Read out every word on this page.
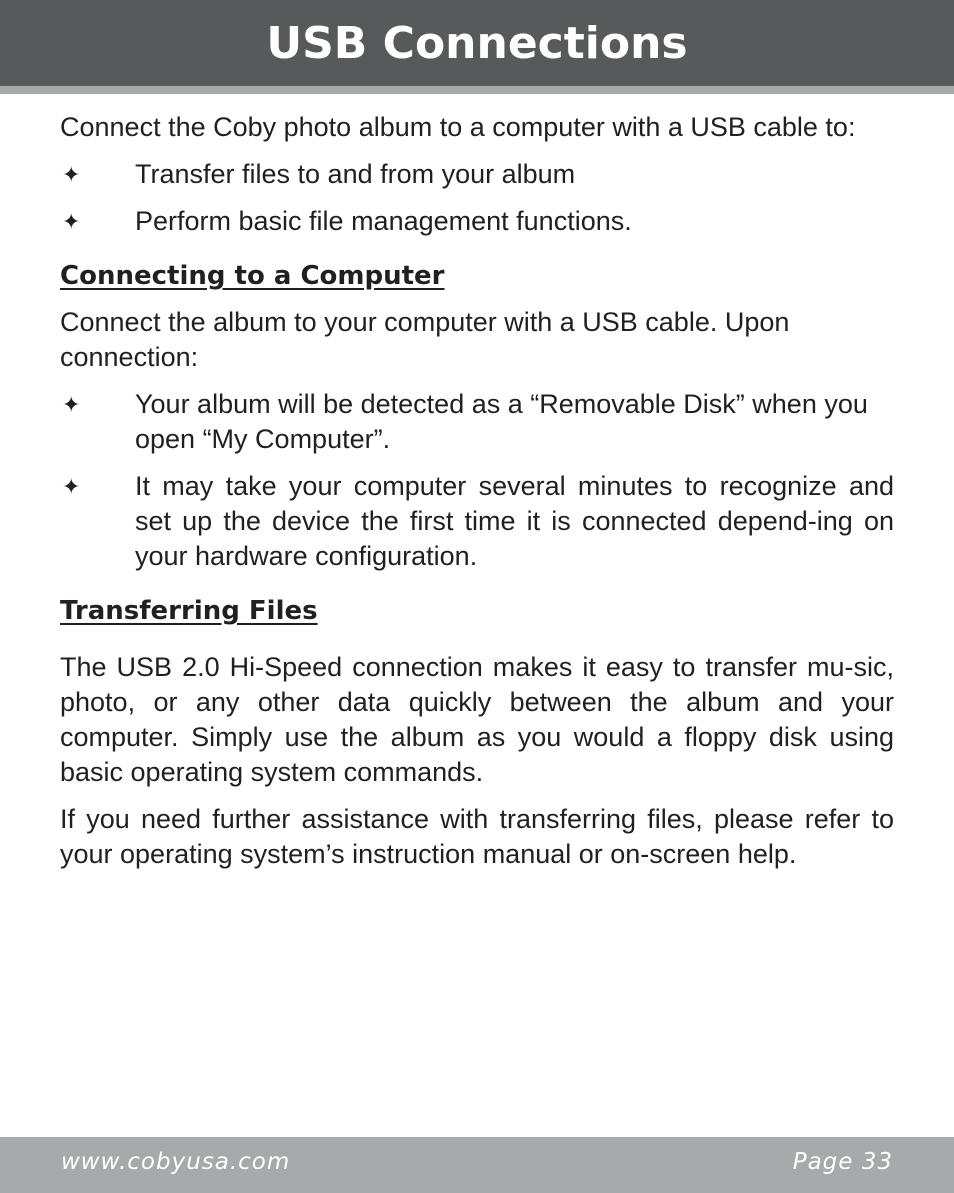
USB Connections

Connect the Coby photo album to a computer with a USB cable to:

✦	Transfer files to and from your album
✦	Perform basic file management functions.
Connecting to a Computer

Connect the album to your computer with a USB cable. Upon connection:

✦	Your album will be detected as a “Removable Disk” when you open “My Computer”.
✦	It may take your computer several minutes to recognize and set up the device the first time it is connected depend-ing on your hardware configuration.
Transferring Files

The USB 2.0 Hi-Speed connection makes it easy to transfer mu-sic, photo, or any other data quickly between the album and your computer. Simply use the album as you would a floppy disk using basic operating system commands.

If you need further assistance with transferring files, please refer to your operating system’s instruction manual or on-screen help.

www.cobyusa.com	Page 33
